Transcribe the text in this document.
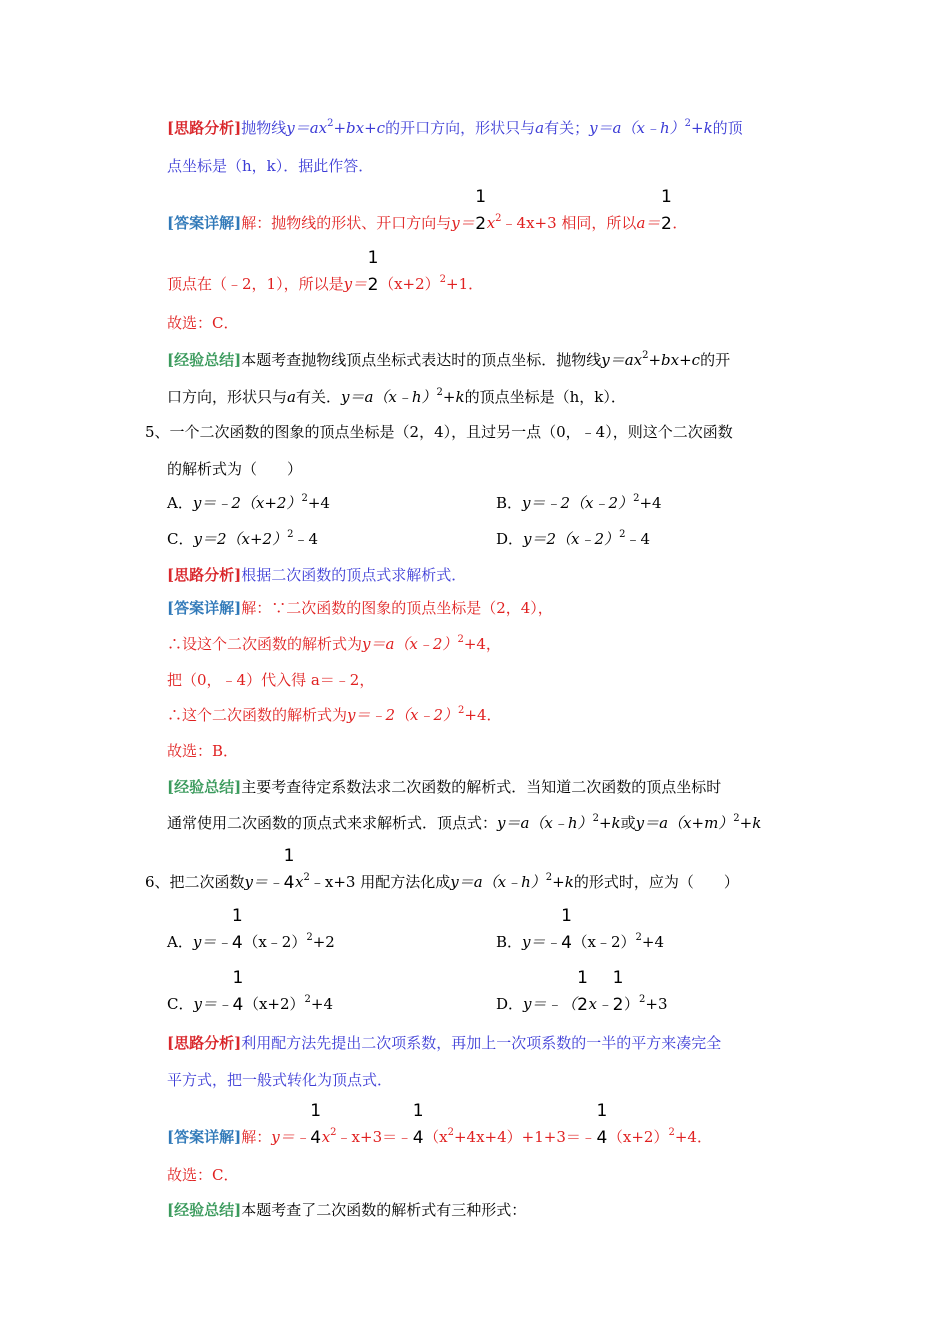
[思路分析]抛物线$y=ax^2+bx+c$的开口方向，形状只与a有关；y＝a（x﹣h）$^2$+k的顶
点坐标是（h，k）．据此作答．
[答案详解]解：抛物线的形状、开口方向与y＝
1
2 $x^2﹣4x+3$ 相同，所以a＝
1
2 ．
顶点在（﹣2，1），所以是y＝
1
2 $(x+2)^2+1$．
故选：C．
[经验总结]本题考查抛物线顶点坐标式表达时的顶点坐标．抛物线$y=ax^2+bx+c$的开
口方向，形状只与a有关．y＝a（x﹣h）$^2$+k的顶点坐标是（h，k）．
5、一个二次函数的图象的顶点坐标是（2，4），且过另一点（0，﹣4），则这个二次函数
的解析式为（　　）
A．$y=﹣2(x+2)^2+4$	B．y＝﹣2（x﹣2）$^2$+4
C．$y=2(x+2)^2﹣4$	D．y＝2（x﹣2）$^2$﹣4
[思路分析]根据二次函数的顶点式求解析式．
[答案详解]解：∵二次函数的图象的顶点坐标是（2，4），
∴设这个二次函数的解析式为y＝a（x﹣2）$^2$+4，
把（0，﹣4）代入得 a＝﹣2，
∴这个二次函数的解析式为y＝﹣2（x﹣2）$^2$+4．
故选：B．
[经验总结]主要考查待定系数法求二次函数的解析式．当知道二次函数的顶点坐标时
通常使用二次函数的顶点式来求解析式．顶点式：y＝a（x﹣h）$^2$+k或$y=a(x+m)^2+k$
6、把二次函数y＝﹣
1
4 $x^2﹣x+3$ 用配方法化成y＝a（x﹣h）$^2$+k的形式时，应为（　　）
A．y＝﹣
1
4 （x﹣2）$^2$+2	B．y＝﹣
1
4 （x﹣2）$^2$+4
C．y＝﹣
1
4 $(x+2)^2+4$	D．y＝﹣（
1
2 x﹣
1
2 ）$^2$+3
[思路分析]利用配方法先提出二次项系数，再加上一次项系数的一半的平方来凑完全
平方式，把一般式转化为顶点式．
[答案详解]解：y＝﹣
1
4 $x^2﹣x+3=﹣$
1
4 $(x^2+4x+4)+1+3=﹣$
1
4 $(x+2)^2+4$．
故选：C．
[经验总结]本题考查了二次函数的解析式有三种形式：
